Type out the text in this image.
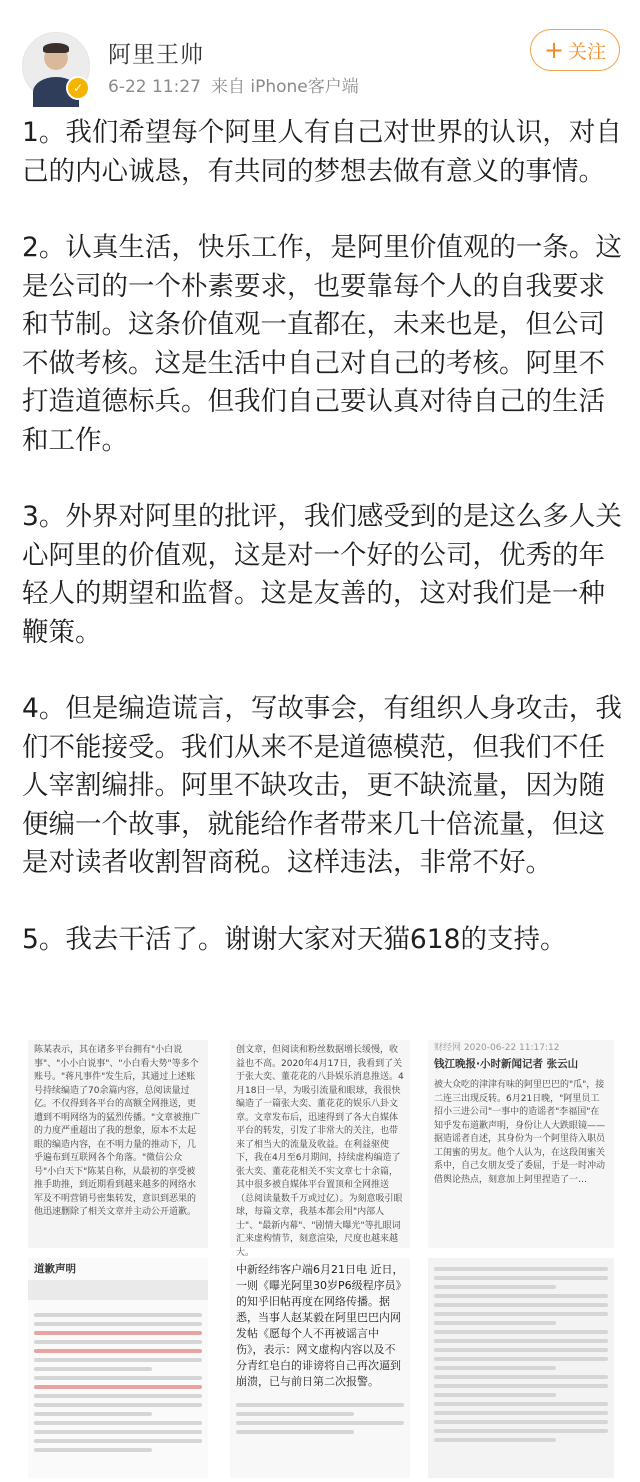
✓
阿里王帅
6-22 11:27 来自 iPhone客户端
+ 关注

1。我们希望每个阿里人有自己对世界的认识，对自己的内心诚恳，有共同的梦想去做有意义的事情。

2。认真生活，快乐工作，是阿里价值观的一条。这是公司的一个朴素要求，也要靠每个人的自我要求和节制。这条价值观一直都在，未来也是，但公司不做考核。这是生活中自己对自己的考核。阿里不打造道德标兵。但我们自己要认真对待自己的生活和工作。

3。外界对阿里的批评，我们感受到的是这么多人关心阿里的价值观，这是对一个好的公司，优秀的年轻人的期望和监督。这是友善的，这对我们是一种鞭策。

4。但是编造谎言，写故事会，有组织人身攻击，我们不能接受。我们从来不是道德模范，但我们不任人宰割编排。阿里不缺攻击，更不缺流量，因为随便编一个故事，就能给作者带来几十倍流量，但这是对读者收割智商税。这样违法，非常不好。

5。我去干活了。谢谢大家对天猫618的支持。

陈某表示，其在诸多平台拥有"小白说事"、"小小白说事"、"小白看大势"等多个账号。"蒋凡事件"发生后，其通过上述账号持续编造了70余篇内容，总阅读量过亿。不仅得到各平台的高额全网推送，更遭到不明网络为的猛烈传播。"文章被推广的力度严重超出了我的想象，原本不太起眼的编造内容，在不明力量的推动下，几乎遍布到互联网各个角落。"微信公众号"小白天下"陈某自称，从最初的享受被推手助推，到近期看到越来越多的网络水军及不明营销号密集转发，意识到恶果的他迅速删除了相关文章并主动公开道歉。

创文章，但阅读和粉丝数据增长缓慢，收益也不高。2020年4月17日，我看到了关于张大奕、董花花的八卦娱乐消息推送。4月18日一早，为吸引流量和眼球，我很快编造了一篇张大奕、董花花的娱乐八卦文章。文章发布后，迅速得到了各大自媒体平台的转发，引发了非常大的关注，也带来了相当大的流量及收益。在利益驱使下，我在4月至6月期间，持续虚构编造了张大奕、董花花相关不实文章七十余篇，其中很多被自媒体平台置顶和全网推送（总阅读量数千万或过亿）。为刻意吸引眼球，每篇文章，我基本都会用"内部人士"、"最新内幕"、"剧情大曝光"等扎眼词汇来虚构情节，刻意渲染，尺度也越来越大。

财经网 2020-06-22 11:17:12

钱江晚报·小时新闻记者 张云山

被大众吃的津津有味的阿里巴巴的"瓜"，接二连三出现反转。6月21日晚，"阿里员工招小三进公司"一事中的造谣者"李福国"在知乎发布道歉声明，身份让人大跌眼镜——据造谣者自述，其身份为一个阿里待入职员工闺蜜的男友。他个人认为，在这段闺蜜关系中，自己女朋友受了委屈，于是一时冲动借舆论热点，刻意加上阿里捏造了一…

道歉声明	中新经纬客户端6月21日电 近日，一则《曝光阿里30岁P6级程序员》的知乎旧帖再度在网络传播。据悉，当事人赵某毅在阿里巴巴内网发帖《愿每个人不再被谣言中伤》，表示：网文虚构内容以及不分青红皂白的诽谤将自己再次逼到崩溃，已与前日第二次报警。
